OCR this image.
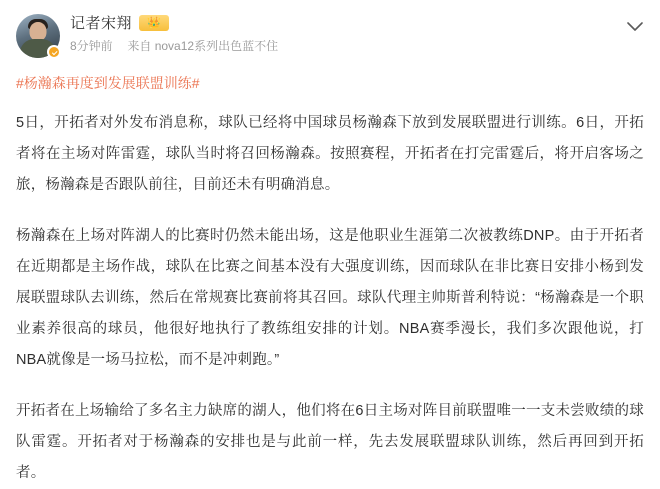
记者宋翔 👑
8分钟前 来自 nova12系列出色蓝不住
#杨瀚森再度到发展联盟训练#

5日，开拓者对外发布消息称，球队已经将中国球员杨瀚森下放到发展联盟进行训练。6日，开拓者将在主场对阵雷霆，球队当时将召回杨瀚森。按照赛程，开拓者在打完雷霆后，将开启客场之旅，杨瀚森是否跟队前往，目前还未有明确消息。

杨瀚森在上场对阵湖人的比赛时仍然未能出场，这是他职业生涯第二次被教练DNP。由于开拓者在近期都是主场作战，球队在比赛之间基本没有大强度训练，因而球队在非比赛日安排小杨到发展联盟球队去训练，然后在常规赛比赛前将其召回。球队代理主帅斯普利特说：“杨瀚森是一个职业素养很高的球员，他很好地执行了教练组安排的计划。NBA赛季漫长，我们多次跟他说，打NBA就像是一场马拉松，而不是冲刺跑。”

开拓者在上场输给了多名主力缺席的湖人，他们将在6日主场对阵目前联盟唯一一支未尝败绩的球队雷霆。开拓者对于杨瀚森的安排也是与此前一样，先去发展联盟球队训练，然后再回到开拓者。
